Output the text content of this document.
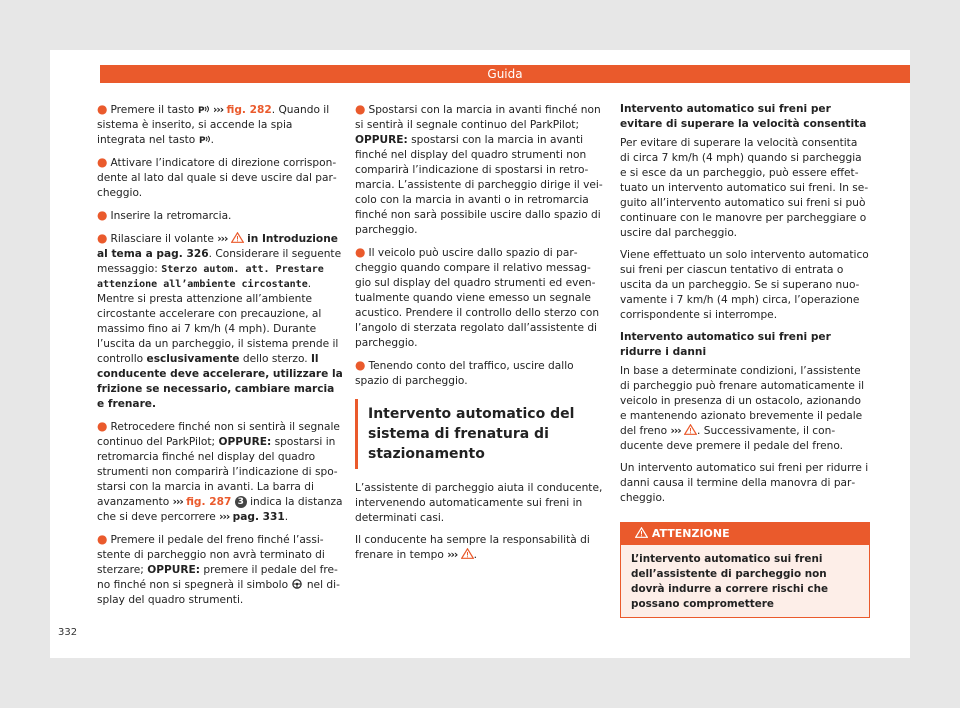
Guida
● Premere il tasto P ››› fig. 282. Quando il sistema è inserito, si accende la spia integrata nel tasto P .
● Attivare l’indicatore di direzione corrispondente al lato dal quale si deve uscire dal parcheggio.
● Inserire la retromarcia.
● Rilasciare il volante ››› in Introduzione al tema a pag. 326. Considerare il seguente messaggio: Sterzo autom. att. Prestare attenzione all’ambiente circostante. Mentre si presta attenzione all’ambiente circostante accelerare con precauzione, al massimo fino ai 7 km/h (4 mph). Durante l’uscita da un parcheggio, il sistema prende il controllo esclusivamente dello sterzo. Il conducente deve accelerare, utilizzare la frizione se necessario, cambiare marcia e frenare.
● Retrocedere finché non si sentirà il segnale continuo del ParkPilot; OPPURE: spostarsi in retromarcia finché nel display del quadro strumenti non comparirà l’indicazione di spostarsi con la marcia in avanti. La barra di avanzamento ››› fig. 287 3 indica la distanza che si deve percorrere ››› pag. 331.
● Premere il pedale del freno finché l’assistente di parcheggio non avrà terminato di sterzare; OPPURE: premere il pedale del freno finché non si spegnerà il simbolo nel display del quadro strumenti.
● Spostarsi con la marcia in avanti finché non si sentirà il segnale continuo del ParkPilot; OPPURE: spostarsi con la marcia in avanti finché nel display del quadro strumenti non comparirà l’indicazione di spostarsi in retromarcia. L’assistente di parcheggio dirige il veicolo con la marcia in avanti o in retromarcia finché non sarà possibile uscire dallo spazio di parcheggio.
● Il veicolo può uscire dallo spazio di parcheggio quando compare il relativo messaggio sul display del quadro strumenti ed eventualmente quando viene emesso un segnale acustico. Prendere il controllo dello sterzo con l’angolo di sterzata regolato dall’assistente di parcheggio.
● Tenendo conto del traffico, uscire dallo spazio di parcheggio.
Intervento automatico del sistema di frenatura di stazionamento

L’assistente di parcheggio aiuta il conducente, intervenendo automaticamente sui freni in determinati casi.

Il conducente ha sempre la responsabilità di frenare in tempo ››› .

Intervento automatico sui freni per evitare di superare la velocità consentita

Per evitare di superare la velocità consentita di circa 7 km/h (4 mph) quando si parcheggia e si esce da un parcheggio, può essere effettuato un intervento automatico sui freni. In seguito all’intervento automatico sui freni si può continuare con le manovre per parcheggiare o uscire dal parcheggio.

Viene effettuato un solo intervento automatico sui freni per ciascun tentativo di entrata o uscita da un parcheggio. Se si superano nuovamente i 7 km/h (4 mph) circa, l’operazione corrispondente si interrompe.

Intervento automatico sui freni per ridurre i danni

In base a determinate condizioni, l’assistente di parcheggio può frenare automaticamente il veicolo in presenza di un ostacolo, azionando e mantenendo azionato brevemente il pedale del freno ››› . Successivamente, il conducente deve premere il pedale del freno.

Un intervento automatico sui freni per ridurre i danni causa il termine della manovra di parcheggio.

ATTENZIONE
L’intervento automatico sui freni dell’assistente di parcheggio non dovrà indurre a correre rischi che possano compromettere
332
